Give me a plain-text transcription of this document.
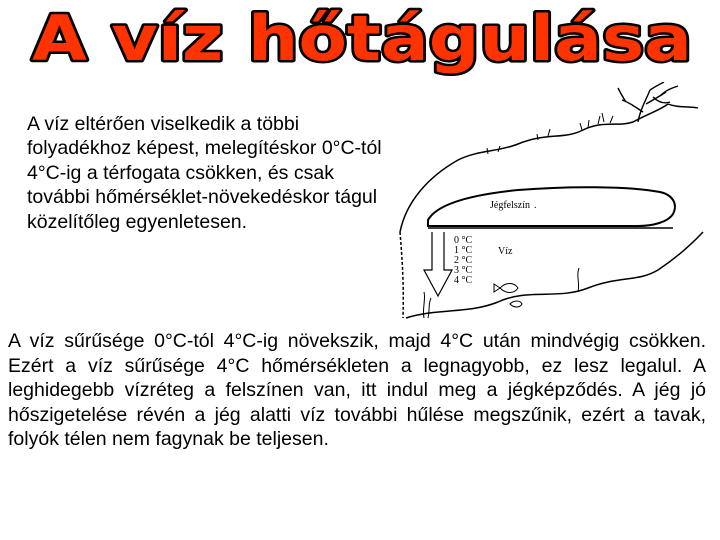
A víz hőtágulása

A víz eltérően viselkedik a többi folyadékhoz képest, melegítéskor 0°C-tól 4°C-ig a térfogata csökken, és csak további hőmérséklet-növekedéskor tágul közelítőleg egyenletesen.

Jégfelszín .
0 °C
1 °C
2 °C
3 °C
4 °C
Víz

A víz sűrűsége 0°C-tól 4°C-ig növekszik, majd 4°C után mindvégig csökken. Ezért a víz sűrűsége 4°C hőmérsékleten a legnagyobb, ez lesz legalul. A leghidegebb vízréteg a felszínen van, itt indul meg a jégképződés. A jég jó hőszigetelése révén a jég alatti víz további hűlése megszűnik, ezért a tavak, folyók télen nem fagynak be teljesen.
